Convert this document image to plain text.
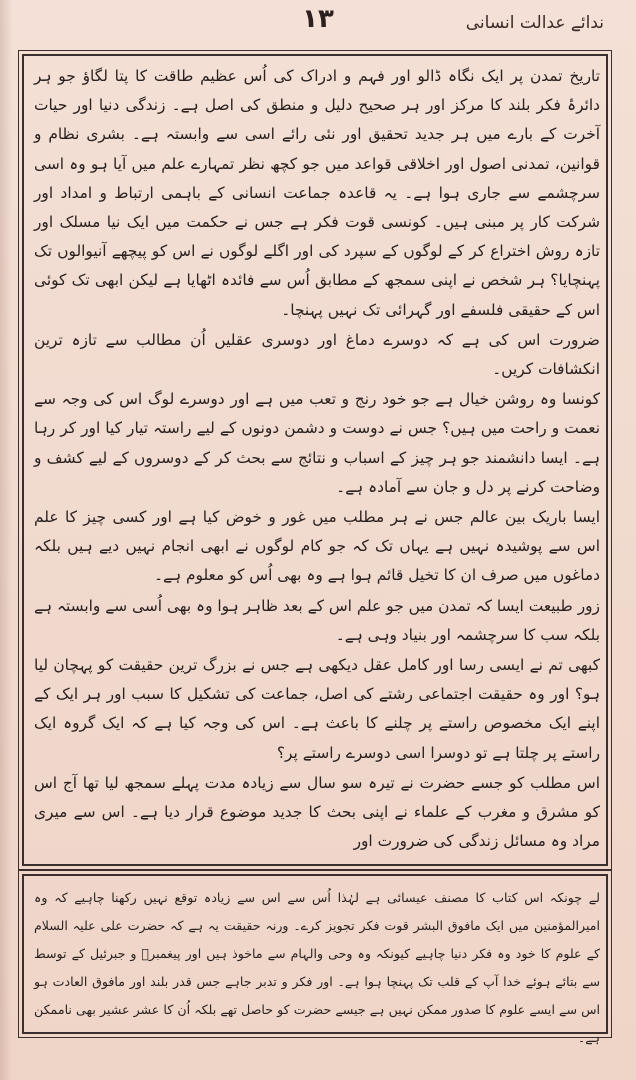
۱۳	ندائے عدالت انسانی

تاریخ تمدن پر ایک نگاہ ڈالو اور فہم و ادراک کی اُس عظیم طاقت کا پتا لگاؤ جو ہر دائرۂ فکر بلند کا مرکز اور ہر صحیح دلیل و منطق کی اصل ہے۔ زندگی دنیا اور حیات آخرت کے بارے میں ہر جدید تحقیق اور نئی رائے اسی سے وابستہ ہے۔ بشری نظام و قوانین، تمدنی اصول اور اخلاقی قواعد میں جو کچھ نظر تمہارے علم میں آیا ہو وہ اسی سرچشمے سے جاری ہوا ہے۔ یہ قاعدہ جماعت انسانی کے باہمی ارتباط و امداد اور شرکت کار پر مبنی ہیں۔ کونسی قوت فکر ہے جس نے حکمت میں ایک نیا مسلک اور تازہ روش اختراع کر کے لوگوں کے سپرد کی اور اگلے لوگوں نے اس کو پیچھے آنیوالوں تک پہنچایا؟ ہر شخص نے اپنی سمجھ کے مطابق اُس سے فائدہ اٹھایا ہے لیکن ابھی تک کوئی اس کے حقیقی فلسفے اور گہرائی تک نہیں پہنچا۔

ضرورت اس کی ہے کہ دوسرے دماغ اور دوسری عقلیں اُن مطالب سے تازہ ترین انکشافات کریں۔

کونسا وہ روشن خیال ہے جو خود رنج و تعب میں ہے اور دوسرے لوگ اس کی وجہ سے نعمت و راحت میں ہیں؟ جس نے دوست و دشمن دونوں کے لیے راستہ تیار کیا اور کر رہا ہے۔ ایسا دانشمند جو ہر چیز کے اسباب و نتائج سے بحث کر کے دوسروں کے لیے کشف و وضاحت کرنے پر دل و جان سے آمادہ ہے۔

ایسا باریک بین عالم جس نے ہر مطلب میں غور و خوض کیا ہے اور کسی چیز کا علم اس سے پوشیدہ نہیں ہے یہاں تک کہ جو کام لوگوں نے ابھی انجام نہیں دیے ہیں بلکہ دماغوں میں صرف ان کا تخیل قائم ہوا ہے وہ بھی اُس کو معلوم ہے۔

زور طبیعت ایسا کہ تمدن میں جو علم اس کے بعد ظاہر ہوا وہ بھی اُسی سے وابستہ ہے بلکہ سب کا سرچشمہ اور بنیاد وہی ہے۔

کبھی تم نے ایسی رسا اور کامل عقل دیکھی ہے جس نے بزرگ ترین حقیقت کو پہچان لیا ہو؟ اور وہ حقیقت اجتماعی رشتے کی اصل، جماعت کی تشکیل کا سبب اور ہر ایک کے اپنے ایک مخصوص راستے پر چلنے کا باعث ہے۔ اس کی وجہ کیا ہے کہ ایک گروہ ایک راستے پر چلتا ہے تو دوسرا اسی دوسرے راستے پر؟

اس مطلب کو جسے حضرت نے تیرہ سو سال سے زیادہ مدت پہلے سمجھ لیا تھا آج اس کو مشرق و مغرب کے علماء نے اپنی بحث کا جدید موضوع قرار دیا ہے۔ اس سے میری مراد وہ مسائل زندگی کی ضرورت اور

لے چونکہ اس کتاب کا مصنف عیسائی ہے لہٰذا اُس سے اس سے زیادہ توقع نہیں رکھنا چاہیے کہ وہ امیرالمؤمنین میں ایک مافوق البشر قوت فکر تجویز کرے۔ ورنہ حقیقت یہ ہے کہ حضرت علی علیہ السلام کے علوم کا خود وہ فکر دنیا چاہیے کیونکہ وہ وحی والہام سے ماخوذ ہیں اور پیغمبرؐ و جبرئیل کے توسط سے بتائے ہوئے خدا آپ کے قلب تک پہنچا ہوا ہے۔ اور فکر و تدبر جاہے جس قدر بلند اور مافوق العادت ہو اس سے ایسے علوم کا صدور ممکن نہیں ہے جیسے حضرت کو حاصل تھے بلکہ اُن کا عشر عشیر بھی ناممکن ہے۔
